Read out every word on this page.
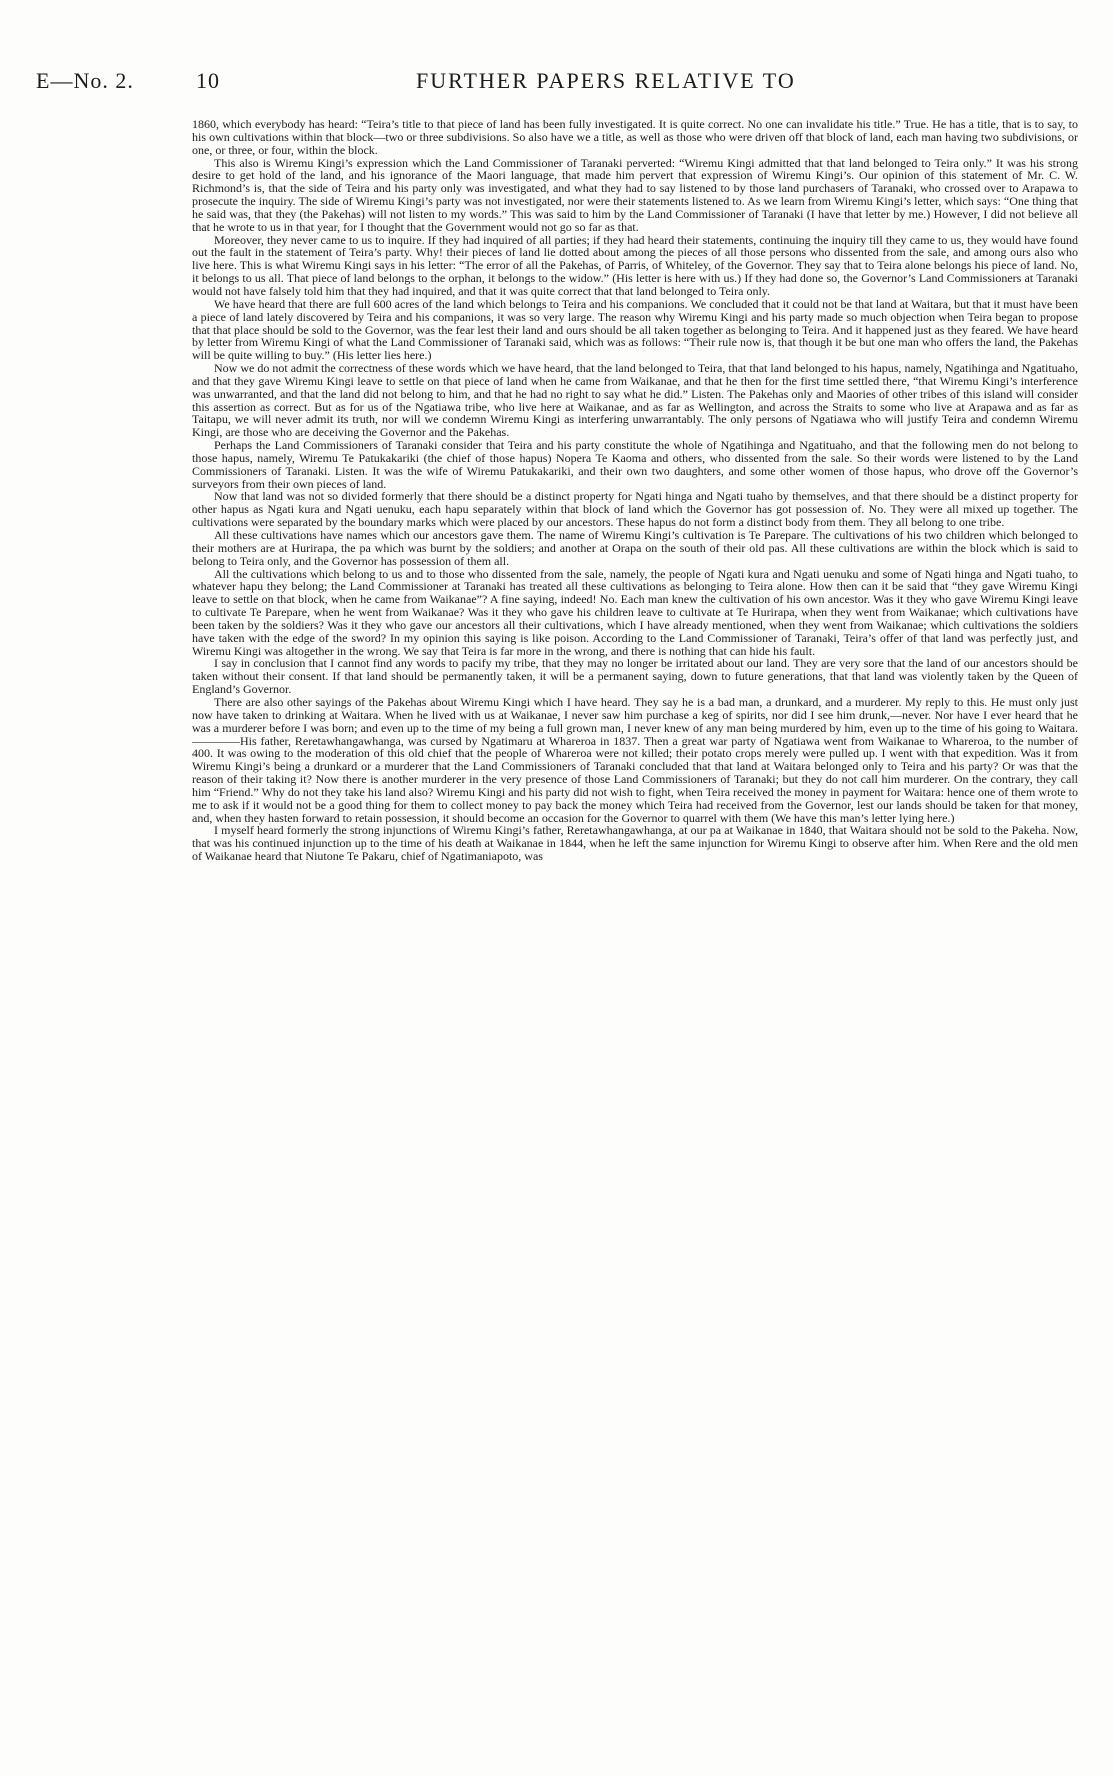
E—No. 2.	10	FURTHER PAPERS RELATIVE TO

1860, which everybody has heard: “Teira’s title to that piece of land has been fully investigated. It is quite correct. No one can invalidate his title.” True. He has a title, that is to say, to his own cultivations within that block—two or three subdivisions. So also have we a title, as well as those who were driven off that block of land, each man having two subdivisions, or one, or three, or four, within the block.

This also is Wiremu Kingi’s expression which the Land Commissioner of Taranaki perverted: “Wiremu Kingi admitted that that land belonged to Teira only.” It was his strong desire to get hold of the land, and his ignorance of the Maori language, that made him pervert that expression of Wiremu Kingi’s. Our opinion of this statement of Mr. C. W. Richmond’s is, that the side of Teira and his party only was investigated, and what they had to say listened to by those land purchasers of Taranaki, who crossed over to Arapawa to prosecute the inquiry. The side of Wiremu Kingi’s party was not investigated, nor were their statements listened to. As we learn from Wiremu Kingi’s letter, which says: “One thing that he said was, that they (the Pakehas) will not listen to my words.” This was said to him by the Land Commissioner of Taranaki (I have that letter by me.) However, I did not believe all that he wrote to us in that year, for I thought that the Government would not go so far as that.

Moreover, they never came to us to inquire. If they had inquired of all parties; if they had heard their statements, continuing the inquiry till they came to us, they would have found out the fault in the statement of Teira’s party. Why! their pieces of land lie dotted about among the pieces of all those persons who dissented from the sale, and among ours also who live here. This is what Wiremu Kingi says in his letter: “The error of all the Pakehas, of Parris, of Whiteley, of the Governor. They say that to Teira alone belongs his piece of land. No, it belongs to us all. That piece of land belongs to the orphan, it belongs to the widow.” (His letter is here with us.) If they had done so, the Governor’s Land Commissioners at Taranaki would not have falsely told him that they had inquired, and that it was quite correct that that land belonged to Teira only.

We have heard that there are full 600 acres of the land which belongs to Teira and his companions. We concluded that it could not be that land at Waitara, but that it must have been a piece of land lately discovered by Teira and his companions, it was so very large. The reason why Wiremu Kingi and his party made so much objection when Teira began to propose that that place should be sold to the Governor, was the fear lest their land and ours should be all taken together as belonging to Teira. And it happened just as they feared. We have heard by letter from Wiremu Kingi of what the Land Commissioner of Taranaki said, which was as follows: “Their rule now is, that though it be but one man who offers the land, the Pakehas will be quite willing to buy.” (His letter lies here.)

Now we do not admit the correctness of these words which we have heard, that the land belonged to Teira, that that land belonged to his hapus, namely, Ngatihinga and Ngatituaho, and that they gave Wiremu Kingi leave to settle on that piece of land when he came from Waikanae, and that he then for the first time settled there, “that Wiremu Kingi’s interference was unwarranted, and that the land did not belong to him, and that he had no right to say what he did.” Listen. The Pakehas only and Maories of other tribes of this island will consider this assertion as correct. But as for us of the Ngatiawa tribe, who live here at Waikanae, and as far as Wellington, and across the Straits to some who live at Arapawa and as far as Taitapu, we will never admit its truth, nor will we condemn Wiremu Kingi as interfering unwarrantably. The only persons of Ngatiawa who will justify Teira and condemn Wiremu Kingi, are those who are deceiving the Governor and the Pakehas.

Perhaps the Land Commissioners of Taranaki consider that Teira and his party constitute the whole of Ngatihinga and Ngatituaho, and that the following men do not belong to those hapus, namely, Wiremu Te Patukakariki (the chief of those hapus) Nopera Te Kaoma and others, who dissented from the sale. So their words were listened to by the Land Commissioners of Taranaki. Listen. It was the wife of Wiremu Patukakariki, and their own two daughters, and some other women of those hapus, who drove off the Governor’s surveyors from their own pieces of land.

Now that land was not so divided formerly that there should be a distinct property for Ngati hinga and Ngati tuaho by themselves, and that there should be a distinct property for other hapus as Ngati kura and Ngati uenuku, each hapu separately within that block of land which the Governor has got possession of. No. They were all mixed up together. The cultivations were separated by the boundary marks which were placed by our ancestors. These hapus do not form a distinct body from them. They all belong to one tribe.

All these cultivations have names which our ancestors gave them. The name of Wiremu Kingi’s cultivation is Te Parepare. The cultivations of his two children which belonged to their mothers are at Hurirapa, the pa which was burnt by the soldiers; and another at Orapa on the south of their old pas. All these cultivations are within the block which is said to belong to Teira only, and the Governor has possession of them all.

All the cultivations which belong to us and to those who dissented from the sale, namely, the people of Ngati kura and Ngati uenuku and some of Ngati hinga and Ngati tuaho, to whatever hapu they belong; the Land Commissioner at Taranaki has treated all these cultivations as belonging to Teira alone. How then can it be said that “they gave Wiremu Kingi leave to settle on that block, when he came from Waikanae”? A fine saying, indeed! No. Each man knew the cultivation of his own ancestor. Was it they who gave Wiremu Kingi leave to cultivate Te Parepare, when he went from Waikanae? Was it they who gave his children leave to cultivate at Te Hurirapa, when they went from Waikanae; which cultivations have been taken by the soldiers? Was it they who gave our ancestors all their cultivations, which I have already mentioned, when they went from Waikanae; which cultivations the soldiers have taken with the edge of the sword? In my opinion this saying is like poison. According to the Land Commissioner of Taranaki, Teira’s offer of that land was perfectly just, and Wiremu Kingi was altogether in the wrong. We say that Teira is far more in the wrong, and there is nothing that can hide his fault.

I say in conclusion that I cannot find any words to pacify my tribe, that they may no longer be irritated about our land. They are very sore that the land of our ancestors should be taken without their consent. If that land should be permanently taken, it will be a permanent saying, down to future generations, that that land was violently taken by the Queen of England’s Governor.

There are also other sayings of the Pakehas about Wiremu Kingi which I have heard. They say he is a bad man, a drunkard, and a murderer. My reply to this. He must only just now have taken to drinking at Waitara. When he lived with us at Waikanae, I never saw him purchase a keg of spirits, nor did I see him drunk,—never. Nor have I ever heard that he was a murderer before I was born; and even up to the time of my being a full grown man, I never knew of any man being murdered by him, even up to the time of his going to Waitara.————His father, Reretawhangawhanga, was cursed by Ngatimaru at Whareroa in 1837. Then a great war party of Ngatiawa went from Waikanae to Whareroa, to the number of 400. It was owing to the moderation of this old chief that the people of Whareroa were not killed; their potato crops merely were pulled up. I went with that expedition. Was it from Wiremu Kingi’s being a drunkard or a murderer that the Land Commissioners of Taranaki concluded that that land at Waitara belonged only to Teira and his party? Or was that the reason of their taking it? Now there is another murderer in the very presence of those Land Commissioners of Taranaki; but they do not call him murderer. On the contrary, they call him “Friend.” Why do not they take his land also? Wiremu Kingi and his party did not wish to fight, when Teira received the money in payment for Waitara: hence one of them wrote to me to ask if it would not be a good thing for them to collect money to pay back the money which Teira had received from the Governor, lest our lands should be taken for that money, and, when they hasten forward to retain possession, it should become an occasion for the Governor to quarrel with them (We have this man’s letter lying here.)

I myself heard formerly the strong injunctions of Wiremu Kingi’s father, Reretawhangawhanga, at our pa at Waikanae in 1840, that Waitara should not be sold to the Pakeha. Now, that was his continued injunction up to the time of his death at Waikanae in 1844, when he left the same injunction for Wiremu Kingi to observe after him. When Rere and the old men of Waikanae heard that Niutone Te Pakaru, chief of Ngatimaniapoto, was
